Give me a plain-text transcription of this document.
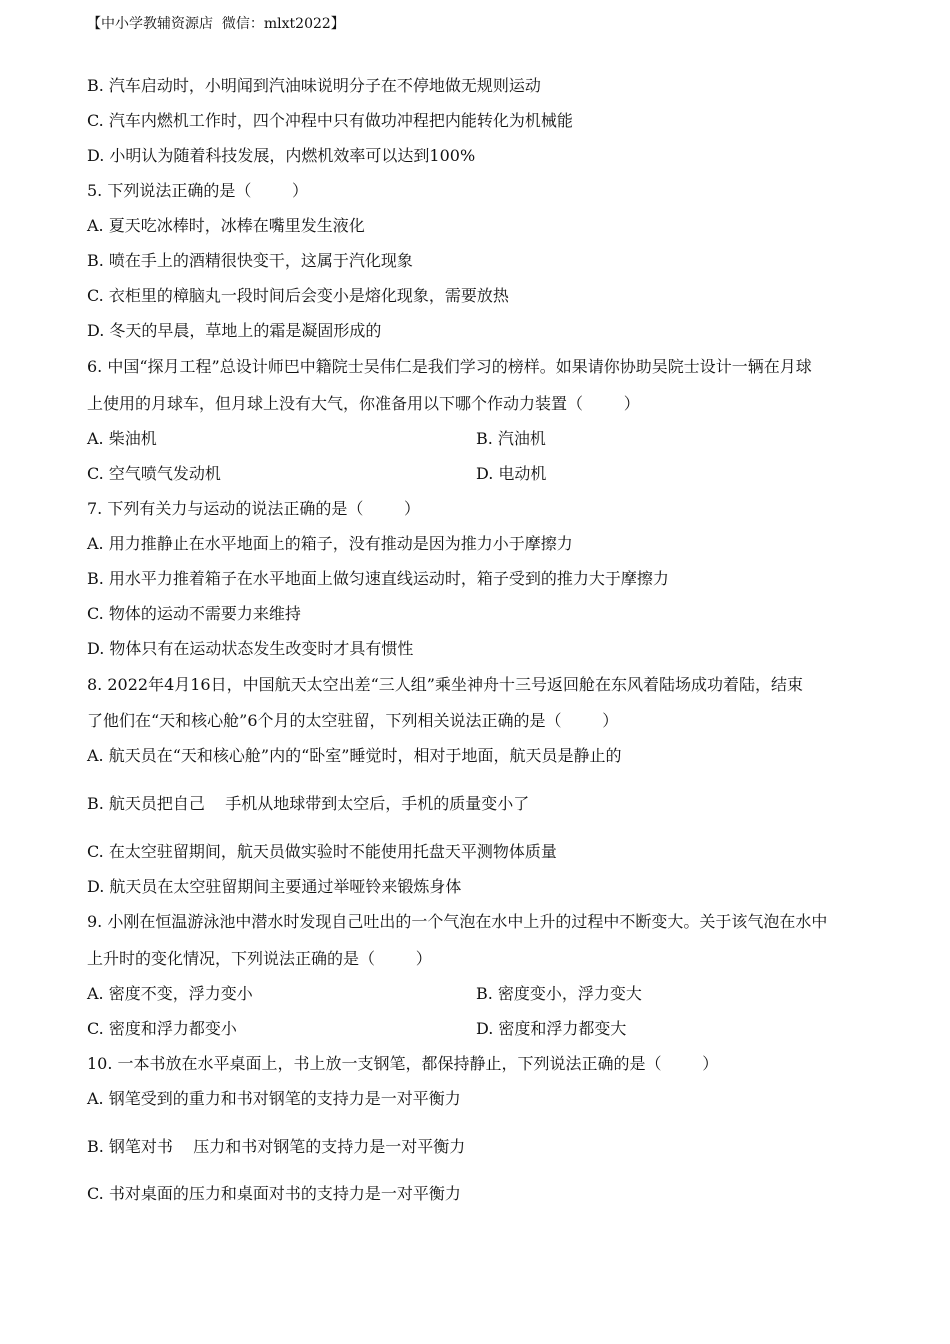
【中小学教辅资源店  微信：mlxt2022】
B. 汽车启动时，小明闻到汽油味说明分子在不停地做无规则运动
C. 汽车内燃机工作时，四个冲程中只有做功冲程把内能转化为机械能
D. 小明认为随着科技发展，内燃机效率可以达到100%
5. 下列说法正确的是（        ）
A. 夏天吃冰棒时，冰棒在嘴里发生液化
B. 喷在手上的酒精很快变干，这属于汽化现象
C. 衣柜里的樟脑丸一段时间后会变小是熔化现象，需要放热
D. 冬天的早晨，草地上的霜是凝固形成的
6. 中国“探月工程”总设计师巴中籍院士吴伟仁是我们学习的榜样。如果请你协助吴院士设计一辆在月球
上使用的月球车，但月球上没有大气，你准备用以下哪个作动力装置（        ）
A. 柴油机	B. 汽油机
C. 空气喷气发动机	D. 电动机
7. 下列有关力与运动的说法正确的是（        ）
A. 用力推静止在水平地面上的箱子，没有推动是因为推力小于摩擦力
B. 用水平力推着箱子在水平地面上做匀速直线运动时，箱子受到的推力大于摩擦力
C. 物体的运动不需要力来维持
D. 物体只有在运动状态发生改变时才具有惯性
8. 2022年4月16日，中国航天太空出差“三人组”乘坐神舟十三号返回舱在东风着陆场成功着陆，结束
了他们在“天和核心舱”6个月的太空驻留，下列相关说法正确的是（        ）
A. 航天员在“天和核心舱”内的“卧室”睡觉时，相对于地面，航天员是静止的
B. 航天员把自己    手机从地球带到太空后，手机的质量变小了
C. 在太空驻留期间，航天员做实验时不能使用托盘天平测物体质量
D. 航天员在太空驻留期间主要通过举哑铃来锻炼身体
9. 小刚在恒温游泳池中潜水时发现自己吐出的一个气泡在水中上升的过程中不断变大。关于该气泡在水中
上升时的变化情况，下列说法正确的是（        ）
A. 密度不变，浮力变小	B. 密度变小，浮力变大
C. 密度和浮力都变小	D. 密度和浮力都变大
10. 一本书放在水平桌面上，书上放一支钢笔，都保持静止，下列说法正确的是（        ）
A. 钢笔受到的重力和书对钢笔的支持力是一对平衡力
B. 钢笔对书    压力和书对钢笔的支持力是一对平衡力
C. 书对桌面的压力和桌面对书的支持力是一对平衡力
